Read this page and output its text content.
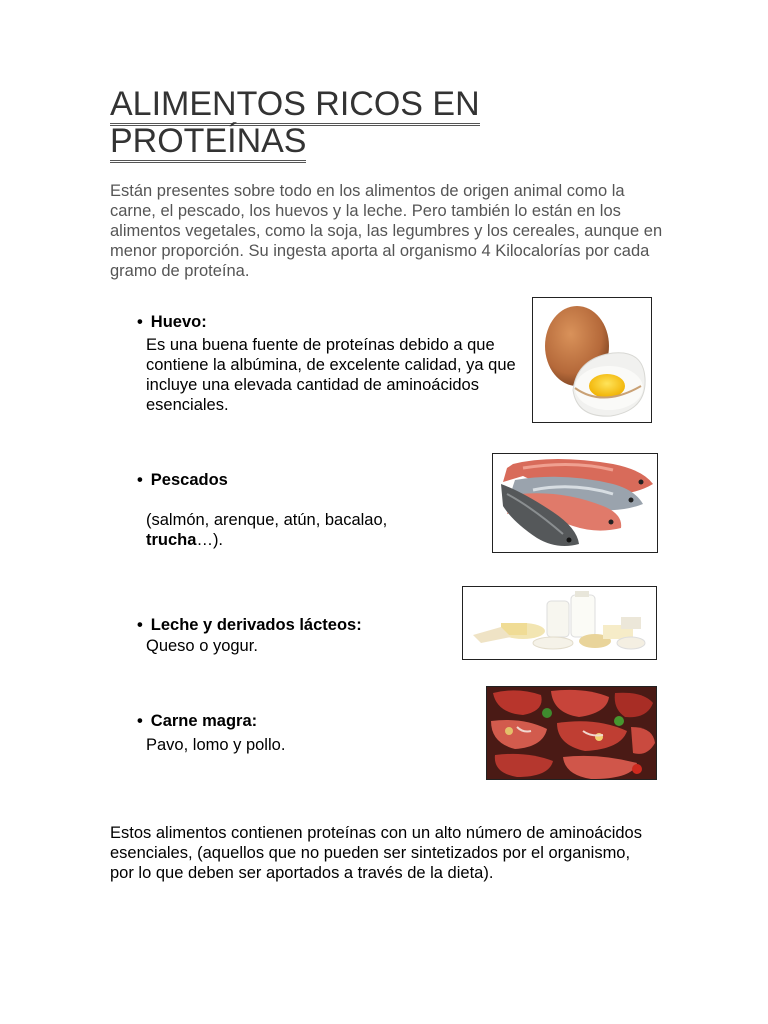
ALIMENTOS RICOS EN
PROTEÍNAS

Están presentes sobre todo en los alimentos de origen animal como la carne, el pescado, los huevos y la leche. Pero también lo están en los alimentos vegetales, como la soja, las legumbres y los cereales, aunque en menor proporción. Su ingesta aporta al organismo 4 Kilocalorías por cada gramo de proteína.

• Huevo:

Es una buena fuente de proteínas debido a que contiene la albúmina, de excelente calidad, ya que incluye una elevada cantidad de aminoácidos esenciales.

• Pescados

(salmón, arenque, atún, bacalao,
trucha…).

• Leche y derivados lácteos:

Queso o yogur.

• Carne magra:

Pavo, lomo y pollo.

Estos alimentos contienen proteínas con un alto número de aminoácidos esenciales, (aquellos que no pueden ser sintetizados por el organismo, por lo que deben ser aportados a través de la dieta).
